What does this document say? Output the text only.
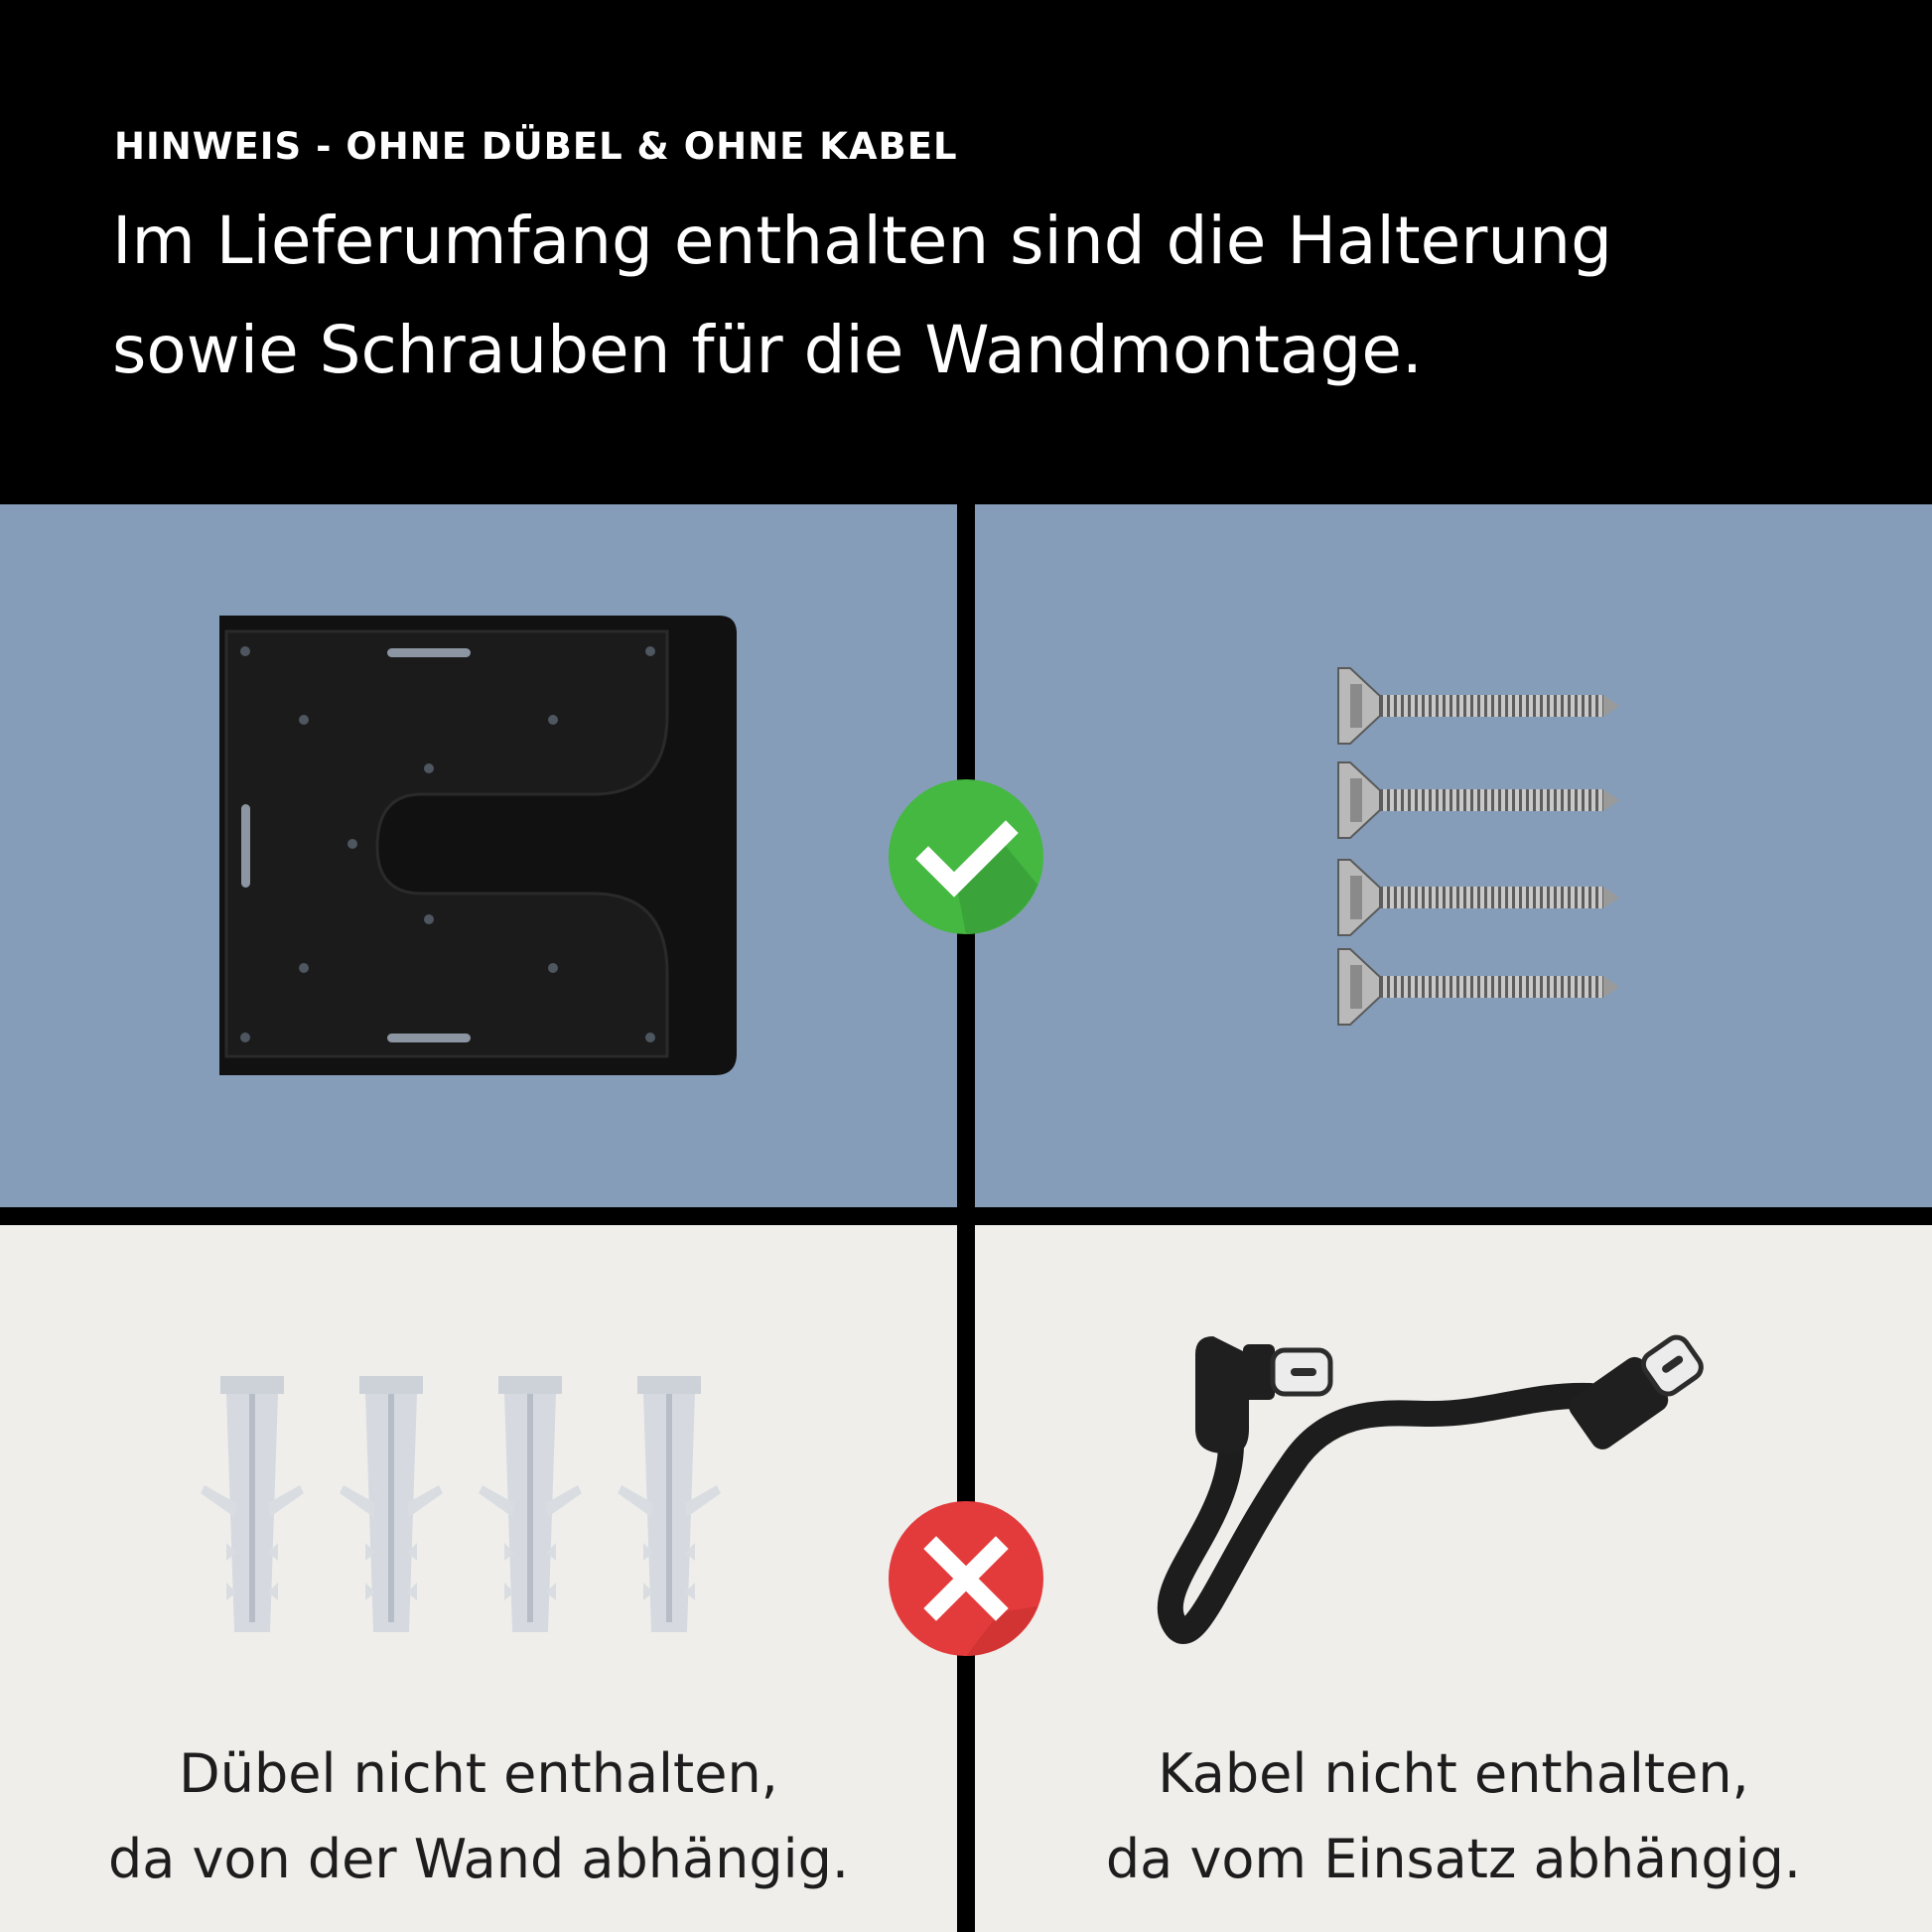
HINWEIS - OHNE DÜBEL & OHNE KABEL

Im Lieferumfang enthalten sind die Halterung
sowie Schrauben für die Wandmontage.

Dübel nicht enthalten,
da von der Wand abhängig.

Kabel nicht enthalten,
da vom Einsatz abhängig.
